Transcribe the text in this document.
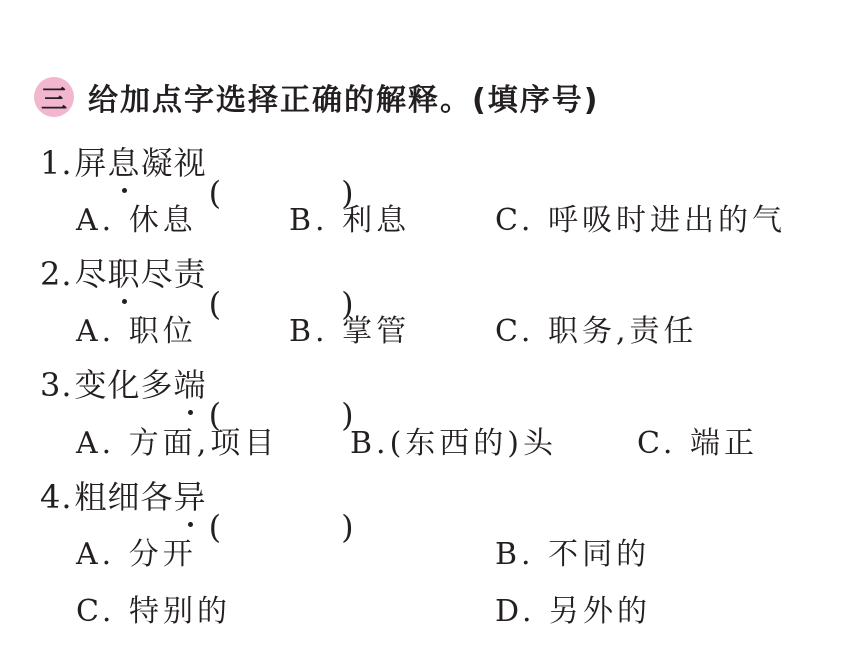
三 给加点字选择正确的解释。(填序号)
1. 屏 息 凝视
(	)
A. 休息	B. 利息	C. 呼吸时进出的气
2. 尽 职 尽责
(	)
A. 职位	B. 掌管	C. 职务,责任
3. 变化多 端
(	)
A. 方面,项目 B.(东西的)头	C. 端正
4. 粗细各 异
(	)
A. 分开	B. 不同的
C. 特别的	D. 另外的
